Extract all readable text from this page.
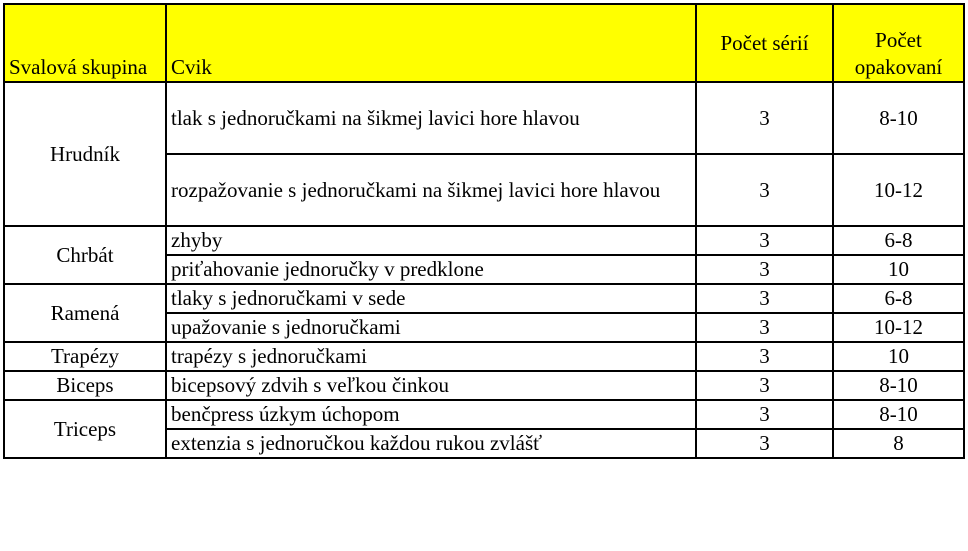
Svalová skupina	Cvik	Počet sérií	Počet opakovaní
Hrudník	tlak s jednoručkami na šikmej lavici hore hlavou	3	8-10
	rozpažovanie s jednoručkami na šikmej lavici hore hlavou	3	10-12
Chrbát	zhyby	3	6-8
	priťahovanie jednoručky v predklone	3	10
Ramená	tlaky s jednoručkami v sede	3	6-8
	upažovanie s jednoručkami	3	10-12
Trapézy	trapézy s jednoručkami	3	10
Biceps	bicepsový zdvih s veľkou činkou	3	8-10
Triceps	benčpress úzkym úchopom	3	8-10
	extenzia s jednoručkou každou rukou zvlášť	3	8
